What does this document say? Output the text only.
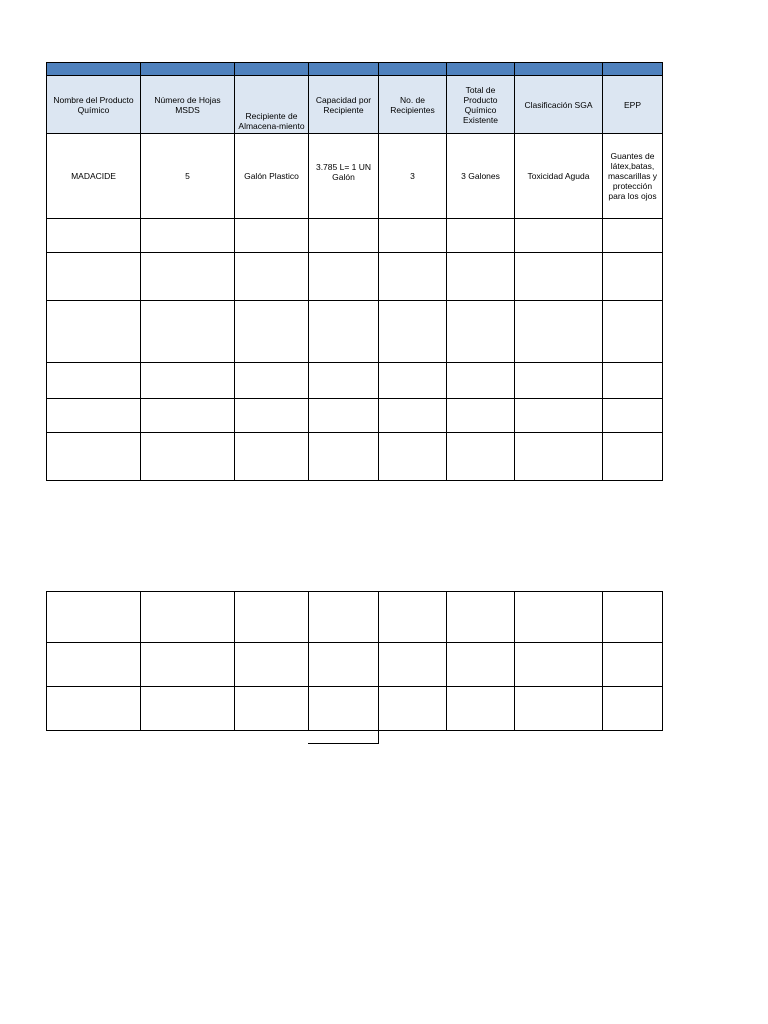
Nombre del Producto Químico	Número de Hojas MSDS	Recipiente de Almacena-miento	Capacidad por Recipiente	No. de Recipientes	Total de Producto Químico Existente	Clasificación SGA	EPP
MADACIDE	5	Galón Plastico	3.785 L= 1 UN Galón	3	3 Galones	Toxicidad Aguda	Guantes de látex,batas, mascarillas y protección para los ojos
